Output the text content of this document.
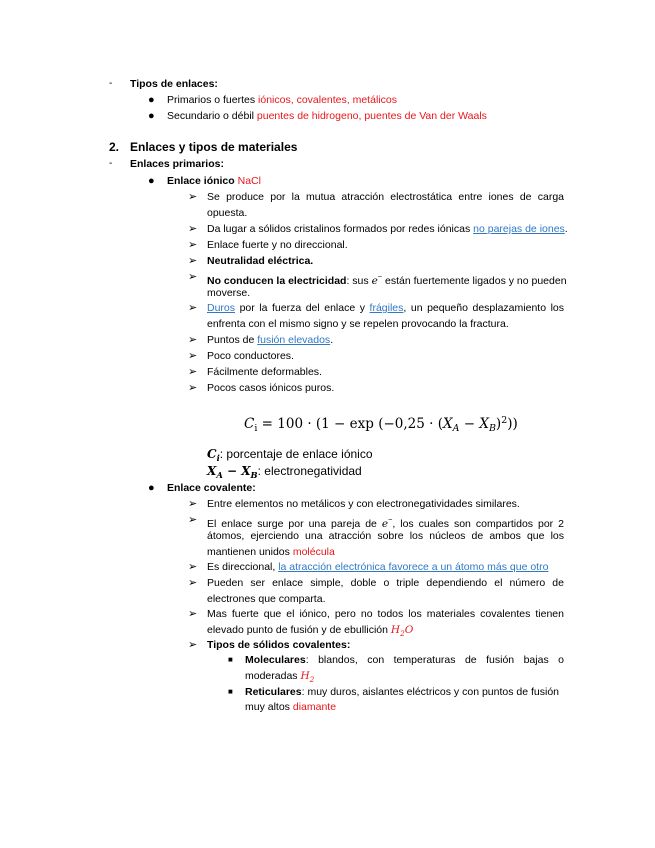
- Tipos de enlaces:
● Primarios o fuertes iónicos, covalentes, metálicos
● Secundario o débil puentes de hidrogeno, puentes de Van der Waals
2. Enlaces y tipos de materiales
- Enlaces primarios:
● Enlace iónico NaCl
➢ Se produce por la mutua atracción electrostática entre iones de carga
opuesta.
➢ Da lugar a sólidos cristalinos formados por redes iónicas no parejas de iones.
➢ Enlace fuerte y no direccional.
➢ Neutralidad eléctrica.
➢ No conducen la electricidad: sus e− están fuertemente ligados y no pueden
moverse.
➢ Duros por la fuerza del enlace y frágiles, un pequeño desplazamiento los
enfrenta con el mismo signo y se repelen provocando la fractura.
➢ Puntos de fusión elevados.
➢ Poco conductores.
➢ Fácilmente deformables.
➢ Pocos casos iónicos puros.
$C_i = 100 \cdot (1 - \exp (-0,25 \cdot (X_A - X_B)^2))$
$C_i$: porcentaje de enlace iónico
$X_A - X_B$: electronegatividad
● Enlace covalente:
➢ Entre elementos no metálicos y con electronegatividades similares.
➢ El enlace surge por una pareja de e−, los cuales son compartidos por 2
átomos, ejerciendo una atracción sobre los núcleos de ambos que los
mantienen unidos molécula
➢ Es direccional, la atracción electrónica favorece a un átomo más que otro
➢ Pueden ser enlace simple, doble o triple dependiendo el número de
electrones que comparta.
➢ Mas fuerte que el iónico, pero no todos los materiales covalentes tienen
elevado punto de fusión y de ebullición $H_2O$
➢ Tipos de sólidos covalentes:
■ Moleculares: blandos, con temperaturas de fusión bajas o
moderadas $H_2$
■ Reticulares: muy duros, aislantes eléctricos y con puntos de fusión
muy altos diamante
